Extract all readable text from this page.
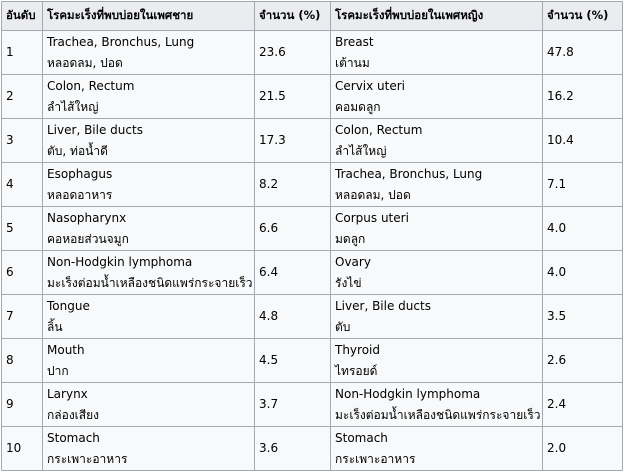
อันดับ	โรคมะเร็งที่พบบ่อยในเพศชาย	จำนวน (%)	โรคมะเร็งที่พบบ่อยในเพศหญิง	จำนวน (%)

1	Trachea, Bronchus, Lung
หลอดลม, ปอด	23.6	Breast
เต้านม	47.8

2	Colon, Rectum
ลำไส้ใหญ่	21.5	Cervix uteri
คอมดลูก	16.2

3	Liver, Bile ducts
ตับ, ท่อน้ำดี	17.3	Colon, Rectum
ลำไส้ใหญ่	10.4

4	Esophagus
หลอดอาหาร	8.2	Trachea, Bronchus, Lung
หลอดลม, ปอด	7.1

5	Nasopharynx
คอหอยส่วนจมูก	6.6	Corpus uteri
มดลูก	4.0

6	Non-Hodgkin lymphoma
มะเร็งต่อมน้ำเหลืองชนิดแพร่กระจายเร็ว	6.4	Ovary
รังไข่	4.0

7	Tongue
ลิ้น	4.8	Liver, Bile ducts
ตับ	3.5

8	Mouth
ปาก	4.5	Thyroid
ไทรอยด์	2.6

9	Larynx
กล่องเสียง	3.7	Non-Hodgkin lymphoma
มะเร็งต่อมน้ำเหลืองชนิดแพร่กระจายเร็ว	2.4

10	Stomach
กระเพาะอาหาร	3.6	Stomach
กระเพาะอาหาร	2.0
